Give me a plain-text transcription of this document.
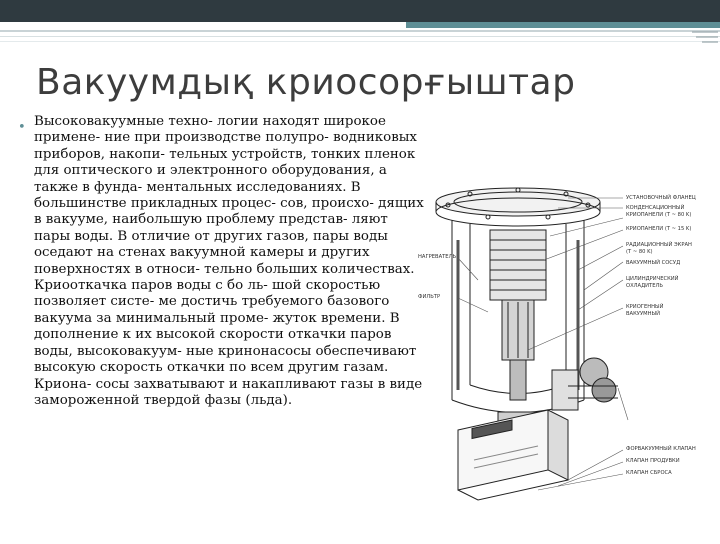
Вакуумдық криосорғыштар
• Высоковакуумные техно- логии находят широкое примене- ние при производстве полупро- водниковых приборов, накопи- тельных устройств, тонких пленок для оптического и электронного оборудования, а также в фунда- ментальных исследованиях. В большинстве прикладных процес- сов, происхо- дящих в вакууме, наибольшую проблему представ- ляют пары воды. В отличие от других газов, пары воды оседают на стенах вакуумной камеры и других поверхностях в относи- тельно больших количествах. Криооткачка паров воды с бо ль- шой скоростью позволяет систе- ме достичь требуемого базового вакуума за минимальный проме- жуток времени. В дополнение к их высокой скорости откачки паров воды, высоковакуум- ные кринонасосы обеспечивают высокую скорость откачки по всем другим газам. Криона- сосы захватывают и накапливают газы в виде замороженной твердой фазы (льда).

УСТАНОВОЧНЫЙ ФЛАНЕЦ
КОНДЕНСАЦИОННЫЙ
КРИОПАНЕЛИ (T ~ 80 K)
КРИОПАНЕЛИ (T ~ 15 K)
РАДИАЦИОННЫЙ ЭКРАН
(T ~ 80 K)
ВАКУУМНЫЙ СОСУД
ЦИЛИНДРИЧЕСКИЙ
ОХЛАДИТЕЛЬ
КРИОГЕННЫЙ
ВАКУУМНЫЙ
НАГРЕВАТЕЛЬ
ФИЛЬТР
ФОРВАКУУМНЫЙ КЛАПАН
КЛАПАН ПРОДУВКИ
КЛАПАН СБРОСА
